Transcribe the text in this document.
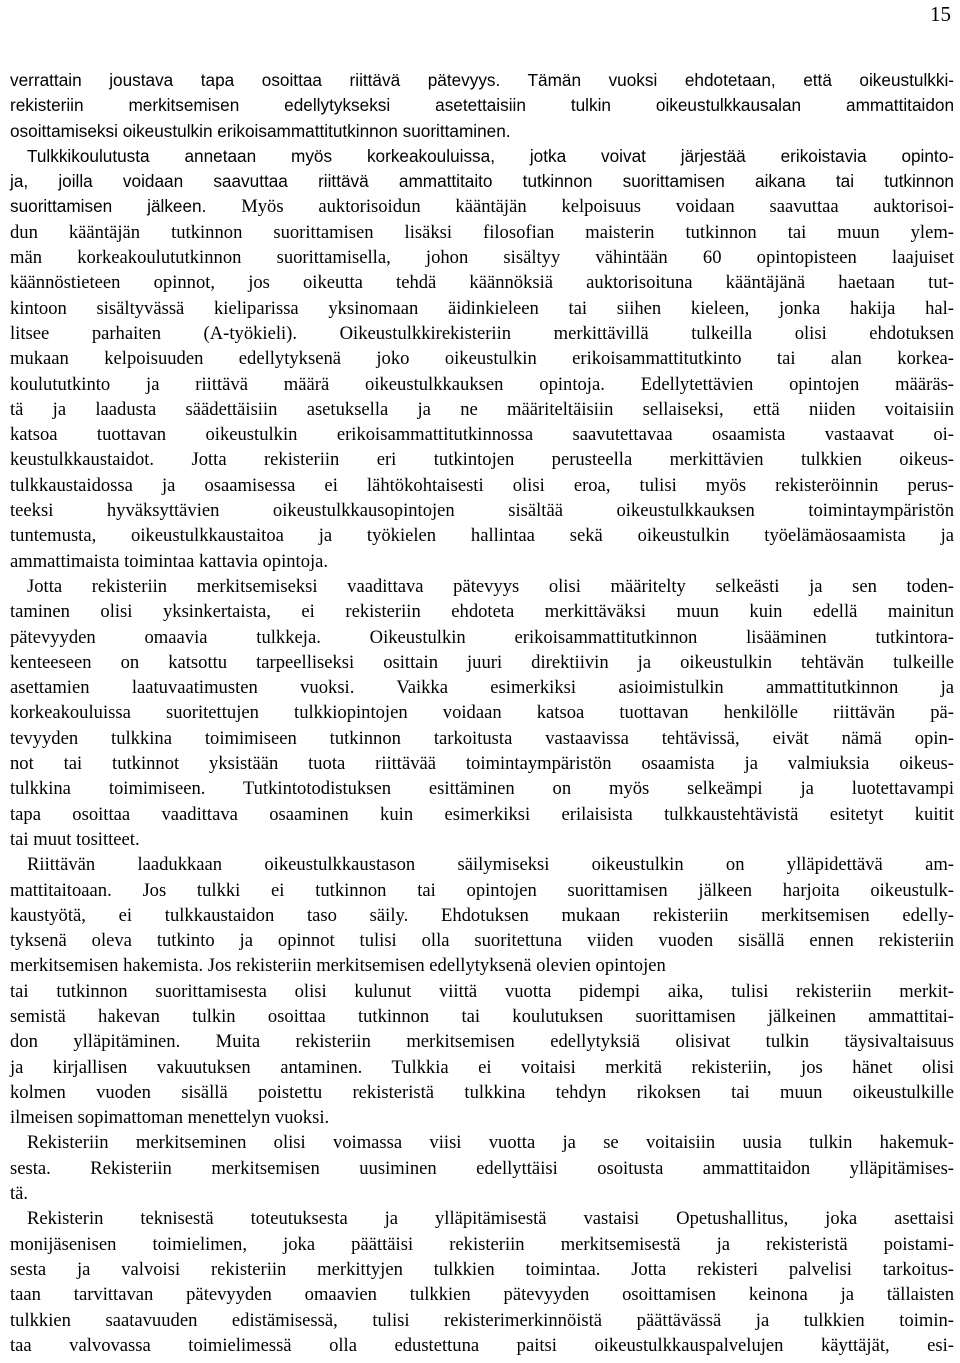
15
verrattain joustava tapa osoittaa riittävä pätevyys. Tämän vuoksi ehdotetaan, että oikeustulkki-
rekisteriin merkitsemisen edellytykseksi asetettaisiin tulkin oikeustulkkausalan ammattitaidon
osoittamiseksi oikeustulkin erikoisammattitutkinnon suorittaminen.
Tulkkikoulutusta annetaan myös korkeakouluissa, jotka voivat järjestää erikoistavia opinto-
ja, joilla voidaan saavuttaa riittävä ammattitaito tutkinnon suorittamisen aikana tai tutkinnon
suorittamisen jälkeen. Myös auktorisoidun kääntäjän kelpoisuus voidaan saavuttaa auktorisoi-
dun kääntäjän tutkinnon suorittamisen lisäksi filosofian maisterin tutkinnon tai muun ylem-
män korkeakoulututkinnon suorittamisella, johon sisältyy vähintään 60 opintopisteen laajuiset
käännöstieteen opinnot, jos oikeutta tehdä käännöksiä auktorisoituna kääntäjänä haetaan tut-
kintoon sisältyvässä kieliparissa yksinomaan äidinkieleen tai siihen kieleen, jonka hakija hal-
litsee parhaiten (A-työkieli). Oikeustulkkirekisteriin merkittävillä tulkeilla olisi ehdotuksen
mukaan kelpoisuuden edellytyksenä joko oikeustulkin erikoisammattitutkinto tai alan korkea-
koulututkinto ja riittävä määrä oikeustulkkauksen opintoja. Edellytettävien opintojen määräs-
tä ja laadusta säädettäisiin asetuksella ja ne määriteltäisiin sellaiseksi, että niiden voitaisiin
katsoa tuottavan oikeustulkin erikoisammattitutkinnossa saavutettavaa osaamista vastaavat oi-
keustulkkaustaidot. Jotta rekisteriin eri tutkintojen perusteella merkittävien tulkkien oikeus-
tulkkaustaidossa ja osaamisessa ei lähtökohtaisesti olisi eroa, tulisi myös rekisteröinnin perus-
teeksi hyväksyttävien oikeustulkkausopintojen sisältää oikeustulkkauksen toimintaympäristön
tuntemusta, oikeustulkkaustaitoa ja työkielen hallintaa sekä oikeustulkin työelämäosaamista ja
ammattimaista toimintaa kattavia opintoja.
Jotta rekisteriin merkitsemiseksi vaadittava pätevyys olisi määritelty selkeästi ja sen toden-
taminen olisi yksinkertaista, ei rekisteriin ehdoteta merkittäväksi muun kuin edellä mainitun
pätevyyden omaavia tulkkeja. Oikeustulkin erikoisammattitutkinnon lisääminen tutkintora-
kenteeseen on katsottu tarpeelliseksi osittain juuri direktiivin ja oikeustulkin tehtävän tulkeille
asettamien laatuvaatimusten vuoksi. Vaikka esimerkiksi asioimistulkin ammattitutkinnon ja
korkeakouluissa suoritettujen tulkkiopintojen voidaan katsoa tuottavan henkilölle riittävän pä-
tevyyden tulkkina toimimiseen tutkinnon tarkoitusta vastaavissa tehtävissä, eivät nämä opin-
not tai tutkinnot yksistään tuota riittävää toimintaympäristön osaamista ja valmiuksia oikeus-
tulkkina toimimiseen. Tutkintotodistuksen esittäminen on myös selkeämpi ja luotettavampi
tapa osoittaa vaadittava osaaminen kuin esimerkiksi erilaisista tulkkaustehtävistä esitetyt kuitit
tai muut tositteet.
Riittävän laadukkaan oikeustulkkaustason säilymiseksi oikeustulkin on ylläpidettävä am-
mattitaitoaan. Jos tulkki ei tutkinnon tai opintojen suorittamisen jälkeen harjoita oikeustulk-
kaustyötä, ei tulkkaustaidon taso säily. Ehdotuksen mukaan rekisteriin merkitsemisen edelly-
tyksenä oleva tutkinto ja opinnot tulisi olla suoritettuna viiden vuoden sisällä ennen rekisteriin
merkitsemisen hakemista. Jos rekisteriin merkitsemisen edellytyksenä olevien opintojen
tai tutkinnon suorittamisesta olisi kulunut viittä vuotta pidempi aika, tulisi rekisteriin merkit-
semistä hakevan tulkin osoittaa tutkinnon tai koulutuksen suorittamisen jälkeinen ammattitai-
don ylläpitäminen. Muita rekisteriin merkitsemisen edellytyksiä olisivat tulkin täysivaltaisuus
ja kirjallisen vakuutuksen antaminen. Tulkkia ei voitaisi merkitä rekisteriin, jos hänet olisi
kolmen vuoden sisällä poistettu rekisteristä tulkkina tehdyn rikoksen tai muun oikeustulkille
ilmeisen sopimattoman menettelyn vuoksi.
Rekisteriin merkitseminen olisi voimassa viisi vuotta ja se voitaisiin uusia tulkin hakemuk-
sesta. Rekisteriin merkitsemisen uusiminen edellyttäisi osoitusta ammattitaidon ylläpitämises-
tä.
Rekisterin teknisestä toteutuksesta ja ylläpitämisestä vastaisi Opetushallitus, joka asettaisi
monijäsenisen toimielimen, joka päättäisi rekisteriin merkitsemisestä ja rekisteristä poistami-
sesta ja valvoisi rekisteriin merkittyjen tulkkien toimintaa. Jotta rekisteri palvelisi tarkoitus-
taan tarvittavan pätevyyden omaavien tulkkien pätevyyden osoittamisen keinona ja tällaisten
tulkkien saatavuuden edistämisessä, tulisi rekisterimerkinnöistä päättävässä ja tulkkien toimin-
taa valvovassa toimielimessä olla edustettuna paitsi oikeustulkkauspalvelujen käyttäjät, esi-
